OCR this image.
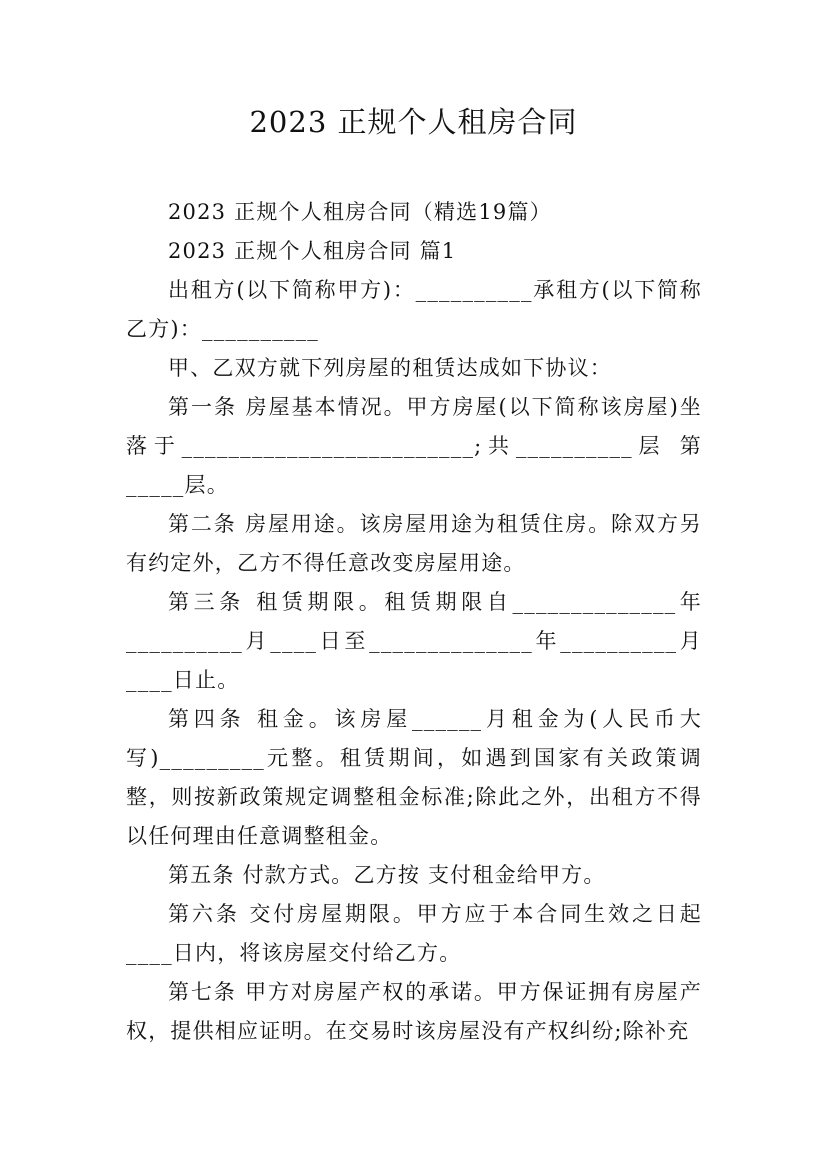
2023 正规个人租房合同

2023 正规个人租房合同（精选19篇）

2023 正规个人租房合同 篇1

出租方(以下简称甲方)：__________承租方(以下简称乙方)：__________

甲、乙双方就下列房屋的租赁达成如下协议：

第一条 房屋基本情况。甲方房屋(以下简称该房屋)坐落于_________________________;共__________层 第_____层。

第二条 房屋用途。该房屋用途为租赁住房。除双方另有约定外，乙方不得任意改变房屋用途。

第三条 租赁期限。租赁期限自______________年__________月____日至______________年__________月____日止。

第四条 租金。该房屋______月租金为(人民币大写)_________元整。租赁期间，如遇到国家有关政策调整，则按新政策规定调整租金标准;除此之外，出租方不得以任何理由任意调整租金。

第五条 付款方式。乙方按 支付租金给甲方。

第六条 交付房屋期限。甲方应于本合同生效之日起____日内，将该房屋交付给乙方。

第七条 甲方对房屋产权的承诺。甲方保证拥有房屋产权，提供相应证明。在交易时该房屋没有产权纠纷;除补充
